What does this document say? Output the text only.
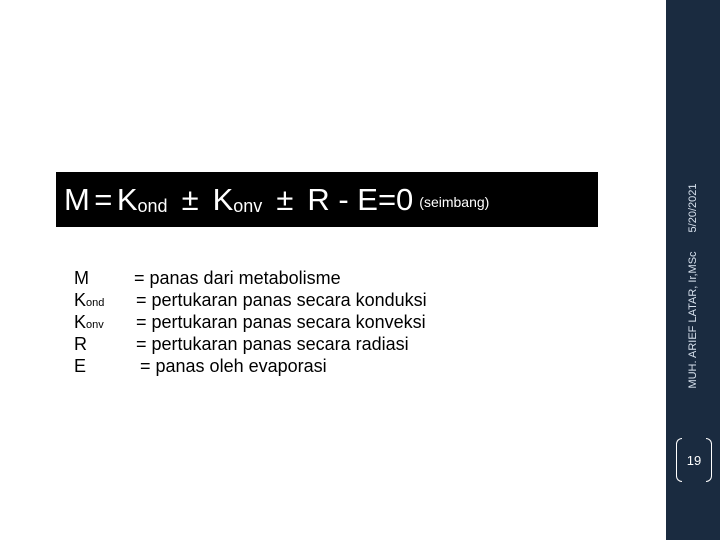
M
=
K ond ± K onv ± R - E=0 (seimbang)
M	= panas dari metabolisme
Kond = pertukaran panas secara konduksi
Konv = pertukaran panas secara konveksi
R	= pertukaran panas secara radiasi
E	= panas oleh evaporasi
5/20/2021
MUH. ARIEF LATAR, Ir,MSc
19
